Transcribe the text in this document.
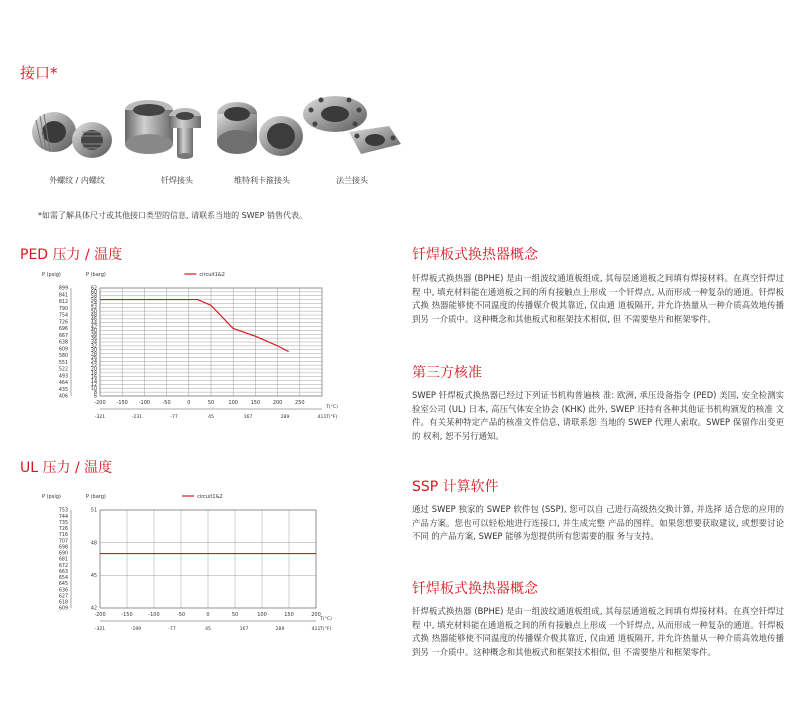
接口*
外螺纹 / 内螺纹	钎焊接头	维特利卡箍接头	法兰接头
*如需了解具体尺寸或其他接口类型的信息, 请联系当地的 SWEP 销售代表。
PED 压力 / 温度
P (psig)	P (barg)	circuit1&2
-200 -150 -100 -50	0	50	100	150	200	250
-321	-231	-77	45	167	289	411
T(°C)
T(°F)
62
60
58
56
54
52
50
48
46
44
42
40
38
36
34
32
30
28
26
24
22
20
18
16
14
12
10
8
6
899
841
812
790
754
726
696
667
638
609
580
551
522
493
464
435
406
UL 压力 / 温度
P (psig)	P (barg)	circuit1&2
-200	-150	-100	-50	0	50	100	150	200
-321	-199	-77	45	167	289	411
T(°C)
T(°F)
51
48
45
42
753
744
735
726
716
707
698
690
681
672
663
654
645
636
627
618
609
钎焊板式换热器概念
钎焊板式换热器 (BPHE) 是由一组波纹通道板组成, 其每层通道板之间填有焊接材料。在真空钎焊过程 中, 填充材料能在通道板之间的所有接触点上形成 一个钎焊点, 从而形成一种复杂的通道。钎焊板式换 热器能够使不同温度的传播媒介极其靠近, 仅由通 道板隔开, 并允许热量从一种介质高效地传播到另 一介质中。这种概念和其他板式和框架技术相似, 但 不需要垫片和框架零件。
第三方核准
SWEP 钎焊板式换热器已经过下列证书机构普遍核 准: 欧洲, 承压设备指令 (PED) 美国, 安全检测实验室公司 (UL) 日本, 高压气体安全协会 (KHK) 此外, SWEP 还持有各种其他证书机构颁发的核准 文件。有关某种特定产品的核准文件信息, 请联系您 当地的 SWEP 代理人索取。SWEP 保留作出变更的 权利, 恕不另行通知。
SSP 计算软件
通过 SWEP 独家的 SWEP 软件包 (SSP), 您可以自 己进行高级热交换计算, 并选择 适合您的应用的 产品方案。您也可以轻松地进行连接口, 并生成完整 产品的图样。如果您想要获取建议, 或想要讨论不同 的产品方案, SWEP 能够为您提供所有您需要的服 务与支持。
钎焊板式换热器概念
钎焊板式换热器 (BPHE) 是由一组波纹通道板组成, 其每层通道板之间填有焊接材料。在真空钎焊过程 中, 填充材料能在通道板之间的所有接触点上形成 一个钎焊点, 从而形成一种复杂的通道。钎焊板式换 热器能够使不同温度的传播媒介极其靠近, 仅由通 道板隔开, 并允许热量从一种介质高效地传播到另 一介质中。这种概念和其他板式和框架技术相似, 但 不需要垫片和框架零件。
